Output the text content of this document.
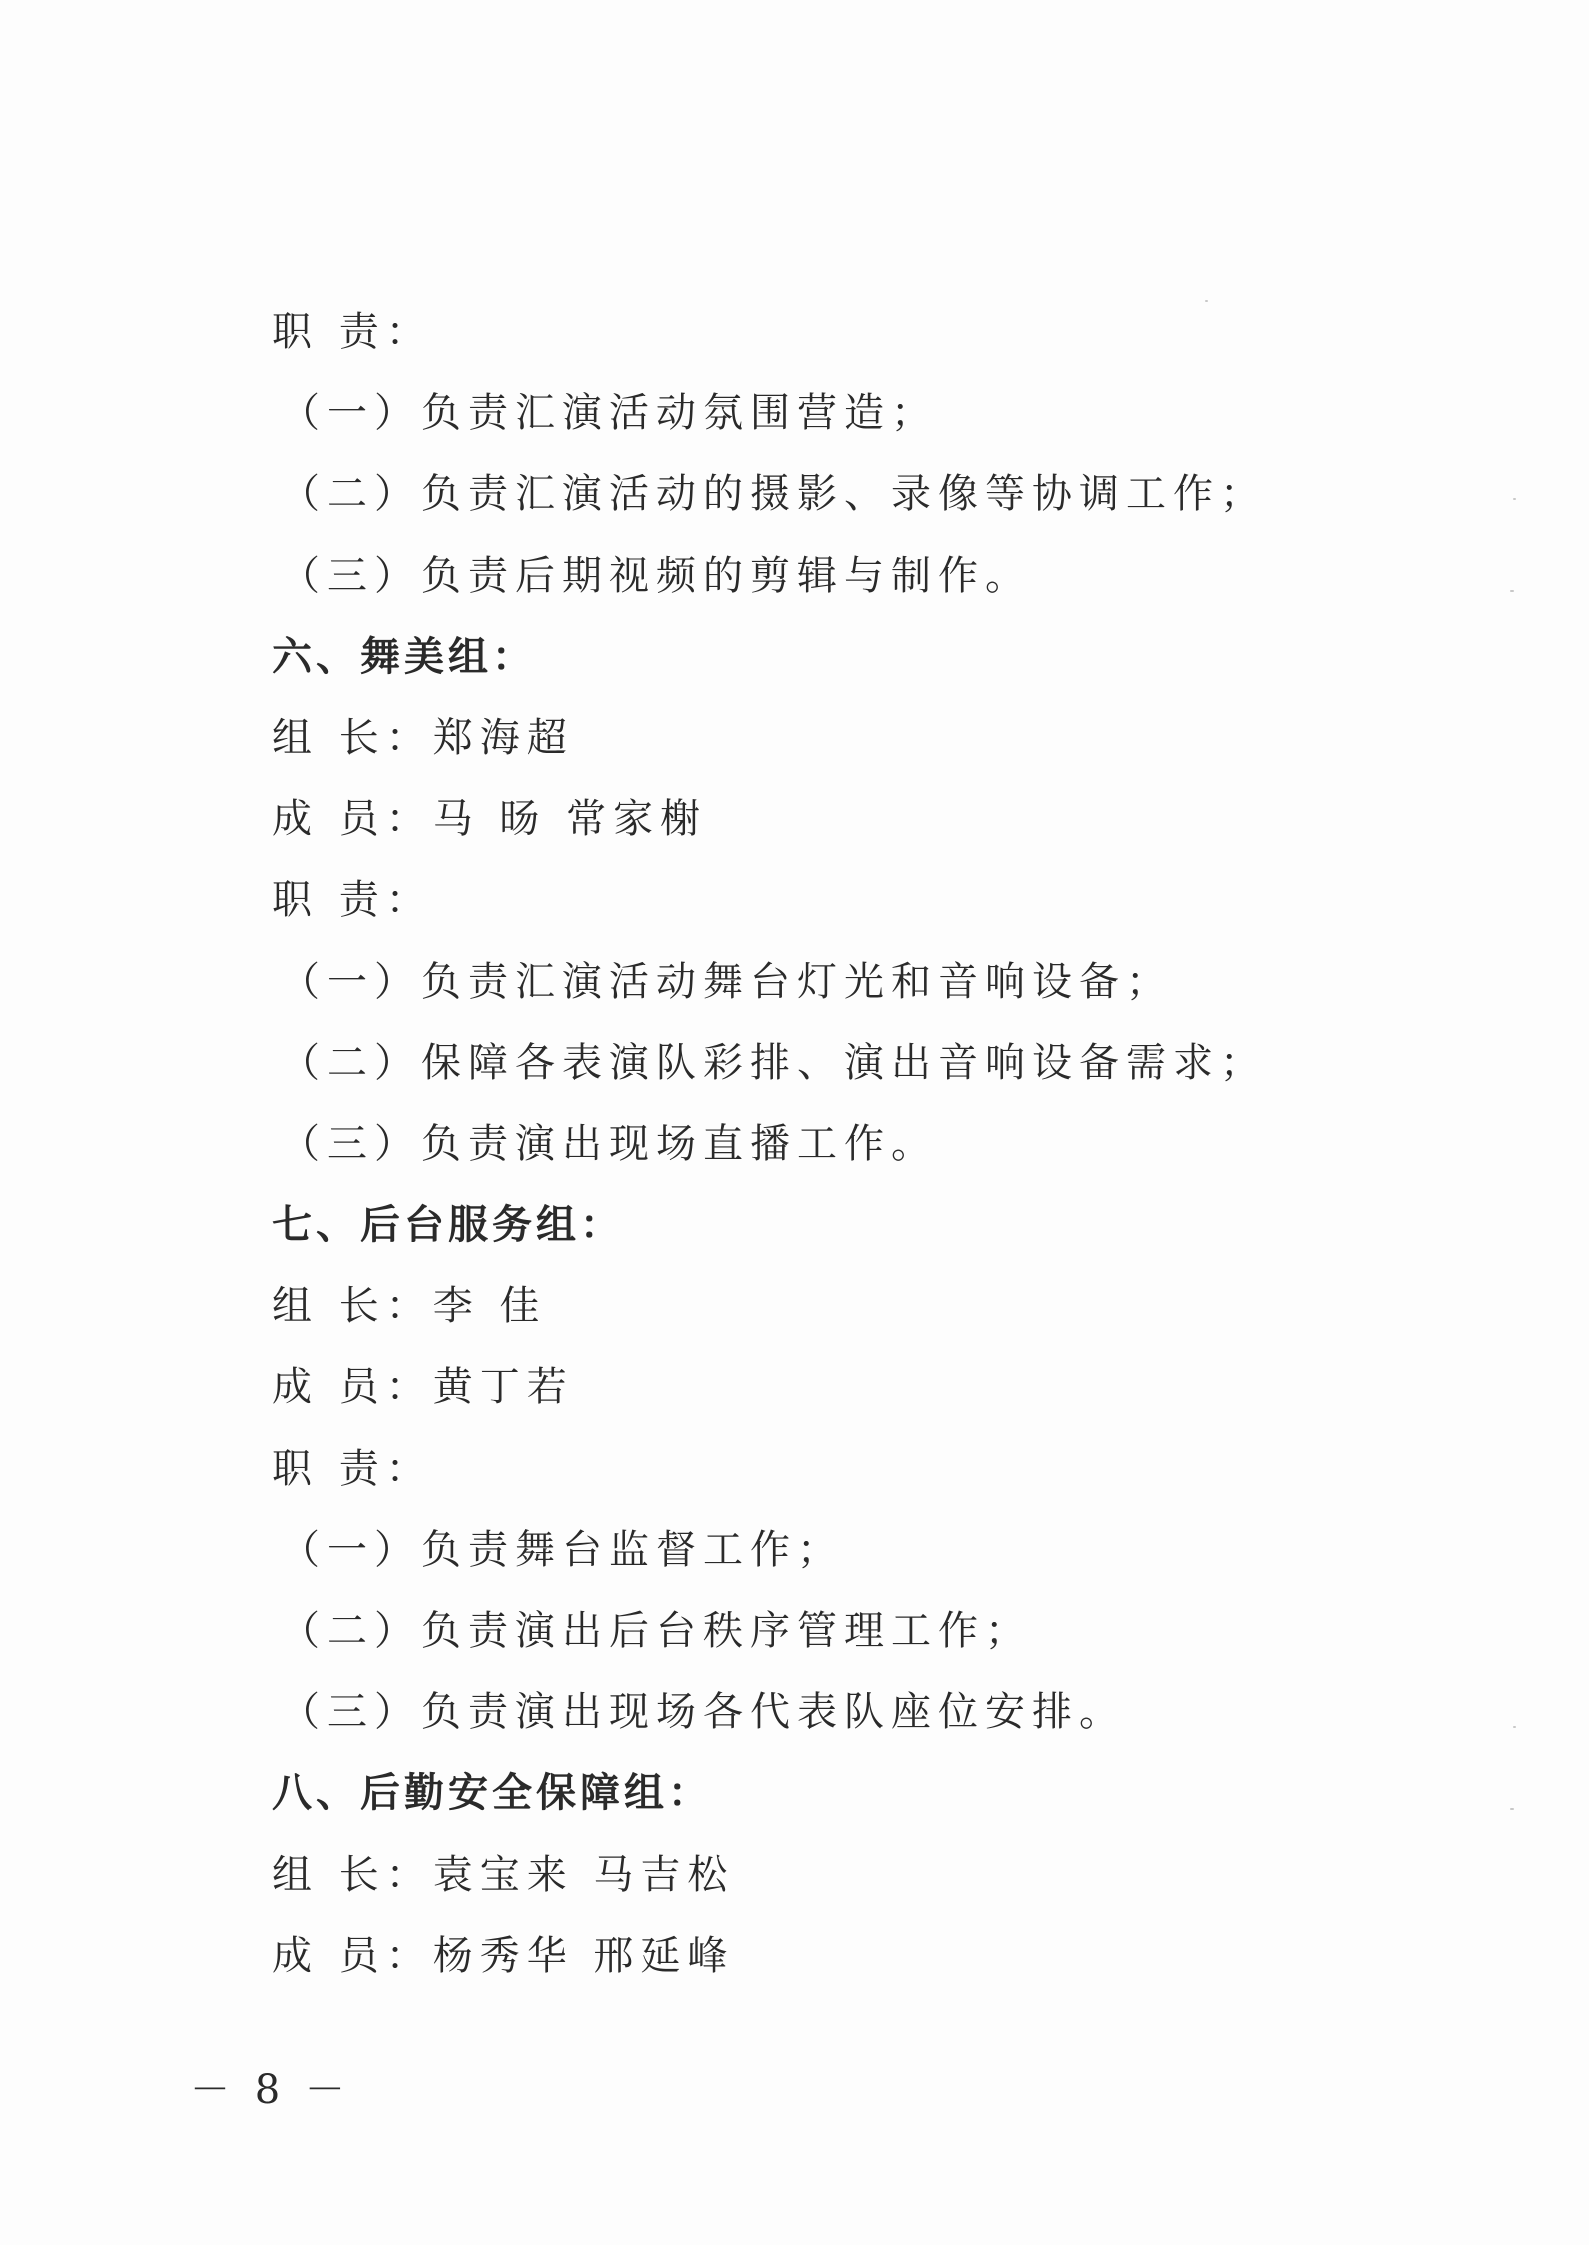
职 责：

（一）负责汇演活动氛围营造；

（二）负责汇演活动的摄影、录像等协调工作；

（三）负责后期视频的剪辑与制作。

六、舞美组：

组 长：郑海超

成 员：马 旸 常家榭

职 责：

（一）负责汇演活动舞台灯光和音响设备；

（二）保障各表演队彩排、演出音响设备需求；

（三）负责演出现场直播工作。

七、后台服务组：

组 长：李 佳

成 员：黄丁若

职 责：

（一）负责舞台监督工作；

（二）负责演出后台秩序管理工作；

（三）负责演出现场各代表队座位安排。

八、后勤安全保障组：

组 长：袁宝来 马吉松

成 员：杨秀华 邢延峰

－ 8 －
